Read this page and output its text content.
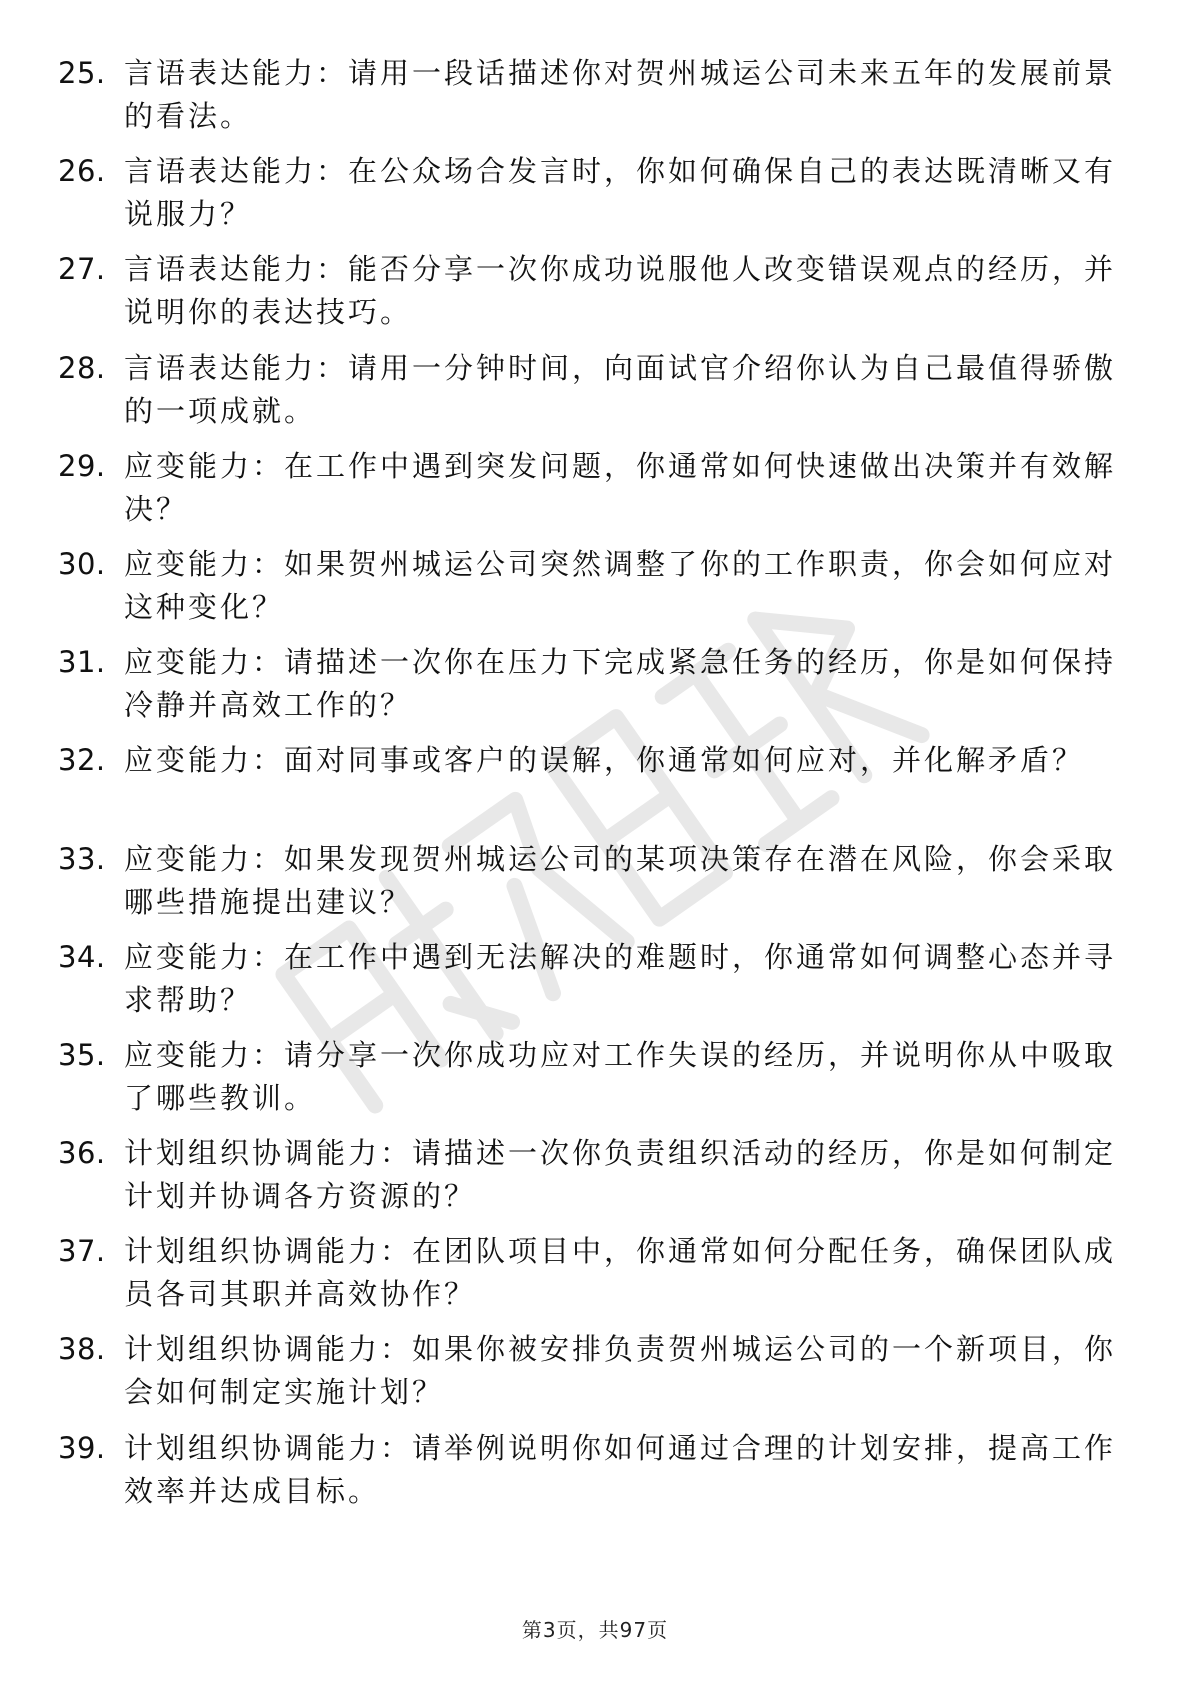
25. 言语表达能力：请用一段话描述你对贺州城运公司未来五年的发展前景的看法。
26. 言语表达能力：在公众场合发言时，你如何确保自己的表达既清晰又有说服力？
27. 言语表达能力：能否分享一次你成功说服他人改变错误观点的经历，并说明你的表达技巧。
28. 言语表达能力：请用一分钟时间，向面试官介绍你认为自己最值得骄傲的一项成就。
29. 应变能力：在工作中遇到突发问题，你通常如何快速做出决策并有效解决？
30. 应变能力：如果贺州城运公司突然调整了你的工作职责，你会如何应对这种变化？
31. 应变能力：请描述一次你在压力下完成紧急任务的经历，你是如何保持冷静并高效工作的？
32. 应变能力：面对同事或客户的误解，你通常如何应对，并化解矛盾？
33. 应变能力：如果发现贺州城运公司的某项决策存在潜在风险，你会采取哪些措施提出建议？
34. 应变能力：在工作中遇到无法解决的难题时，你通常如何调整心态并寻求帮助？
35. 应变能力：请分享一次你成功应对工作失误的经历，并说明你从中吸取了哪些教训。
36. 计划组织协调能力：请描述一次你负责组织活动的经历，你是如何制定计划并协调各方资源的？
37. 计划组织协调能力：在团队项目中，你通常如何分配任务，确保团队成员各司其职并高效协作？
38. 计划组织协调能力：如果你被安排负责贺州城运公司的一个新项目，你会如何制定实施计划？
39. 计划组织协调能力：请举例说明你如何通过合理的计划安排，提高工作效率并达成目标。
第3页，共97页
